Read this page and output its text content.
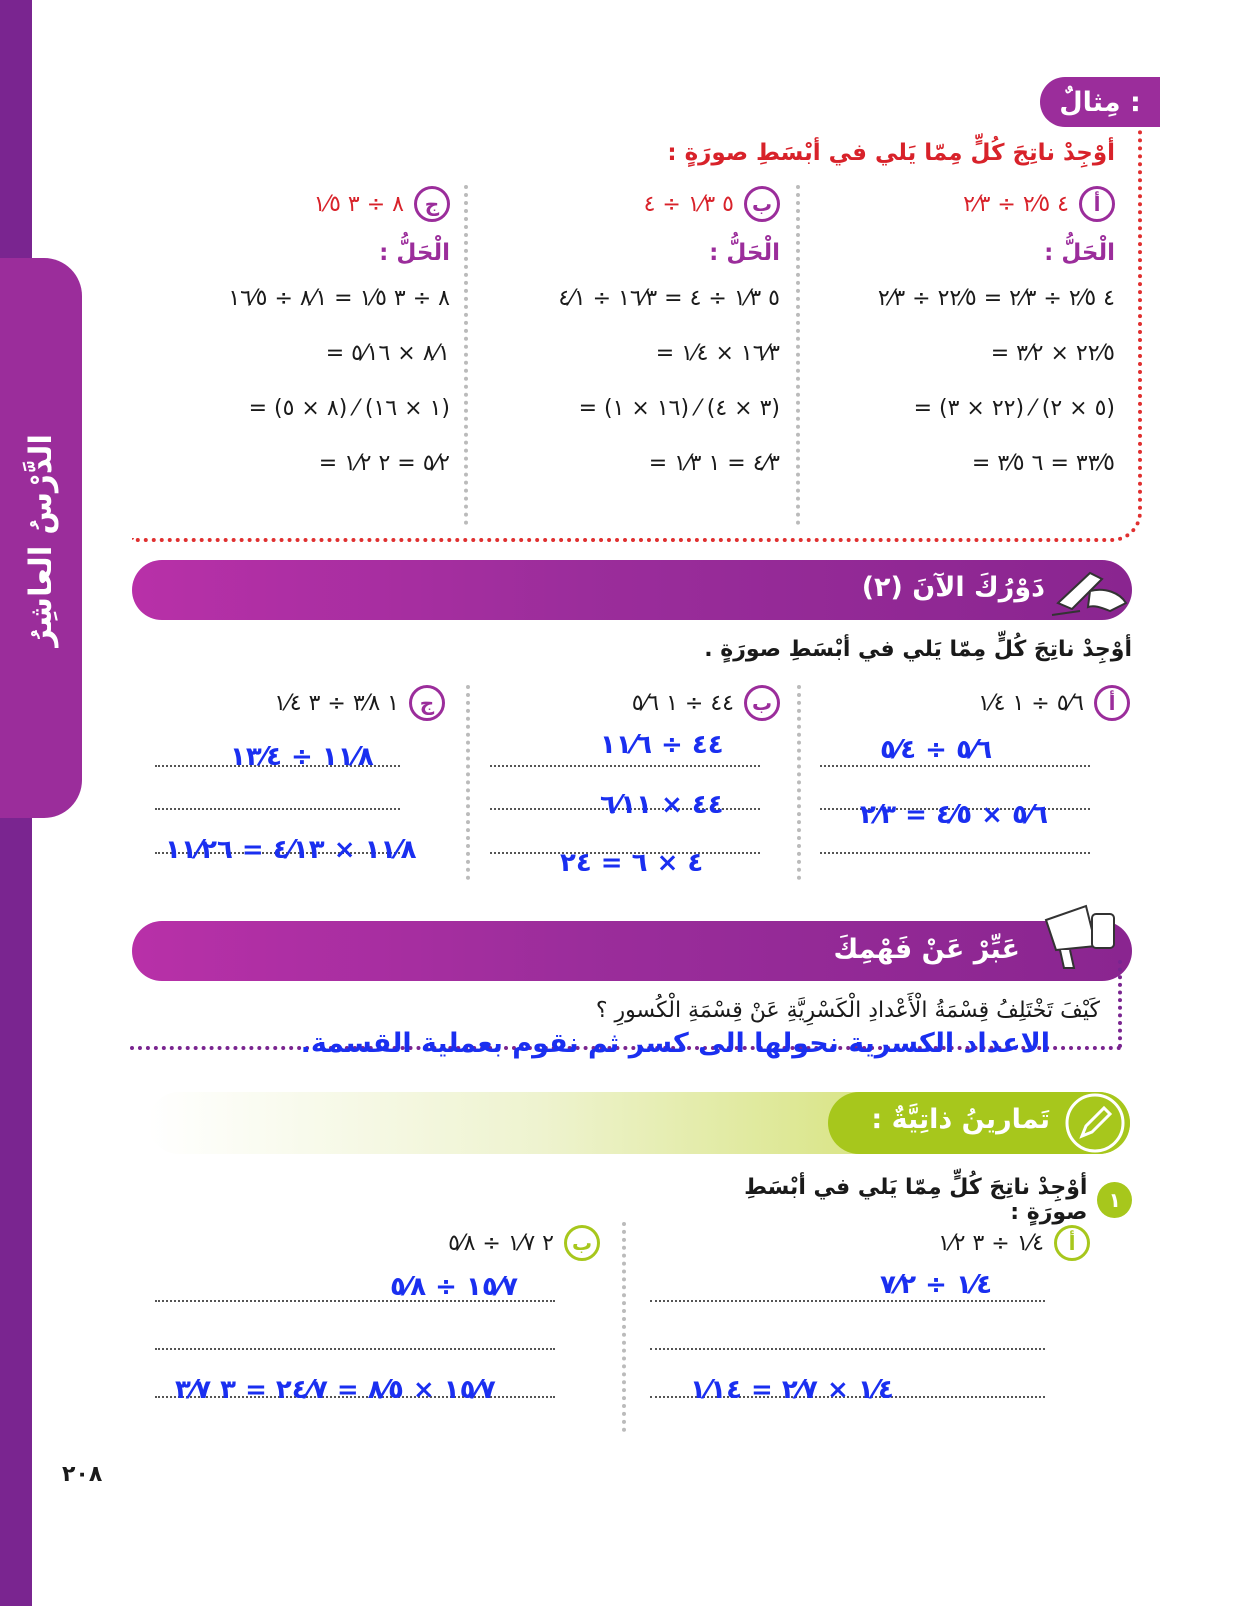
الدَّرْسُ العاشِرُ
مِثالٌ :
أوْجِدْ ناتِجَ كُلٍّ مِمّا يَلي في أبْسَطِ صورَةٍ :
أ
٤ ٢⁄٥ ÷ ٢⁄٣
الْحَلُّ :
٤ ٢⁄٥ ÷ ٢⁄٣ = ٢٢⁄٥ ÷ ٢⁄٣
= ٢٢⁄٥ × ٣⁄٢
= (٢٢ × ٣) ⁄ (٥ × ٢)
= ٣٣⁄٥ = ٦ ٣⁄٥
ب
٥ ١⁄٣ ÷ ٤
الْحَلُّ :
٥ ١⁄٣ ÷ ٤ = ١٦⁄٣ ÷ ٤⁄١
= ١٦⁄٣ × ١⁄٤
= (١٦ × ١) ⁄ (٣ × ٤)
= ٤⁄٣ = ١ ١⁄٣
ج
٨ ÷ ٣ ١⁄٥
الْحَلُّ :
٨ ÷ ٣ ١⁄٥ = ٨⁄١ ÷ ١٦⁄٥
= ٨⁄١ × ٥⁄١٦
= (٨ × ٥) ⁄ (١ × ١٦)
= ٥⁄٢ = ٢ ١⁄٢
دَوْرُكَ الآنَ (٢)
أوْجِدْ ناتِجَ كُلٍّ مِمّا يَلي في أبْسَطِ صورَةٍ .
أ
٥⁄٦ ÷ ١ ١⁄٤
٥⁄٦ ÷ ٥⁄٤
٥⁄٦ × ٤⁄٥ = ٢⁄٣
ب
٤٤ ÷ ١ ٥⁄٦
٤٤ ÷ ١١⁄٦
٤٤ × ٦⁄١١
٤ × ٦ = ٢٤
ج
١ ٣⁄٨ ÷ ٣ ١⁄٤
١١⁄٨ ÷ ١٣⁄٤
١١⁄٨ × ٤⁄١٣ = ١١⁄٢٦
عَبِّرْ عَنْ فَهْمِكَ
كَيْفَ تَخْتَلِفُ قِسْمَةُ الْأَعْدادِ الْكَسْرِيَّةِ عَنْ قِسْمَةِ الْكُسورِ ؟
الاعداد الكسرية نحولها الى كسر ثم نقوم بعملية القسمة.
تَمارينُ ذاتِيَّةٌ :
١
أوْجِدْ ناتِجَ كُلٍّ مِمّا يَلي في أبْسَطِ صورَةٍ :
أ
١⁄٤ ÷ ٣ ١⁄٢
١⁄٤ ÷ ٧⁄٢
١⁄٤ × ٢⁄٧ = ١⁄١٤
ب
٢ ١⁄٧ ÷ ٥⁄٨
١٥⁄٧ ÷ ٥⁄٨
١٥⁄٧ × ٨⁄٥ = ٢٤⁄٧ = ٣ ٣⁄٧
٢٠٨
